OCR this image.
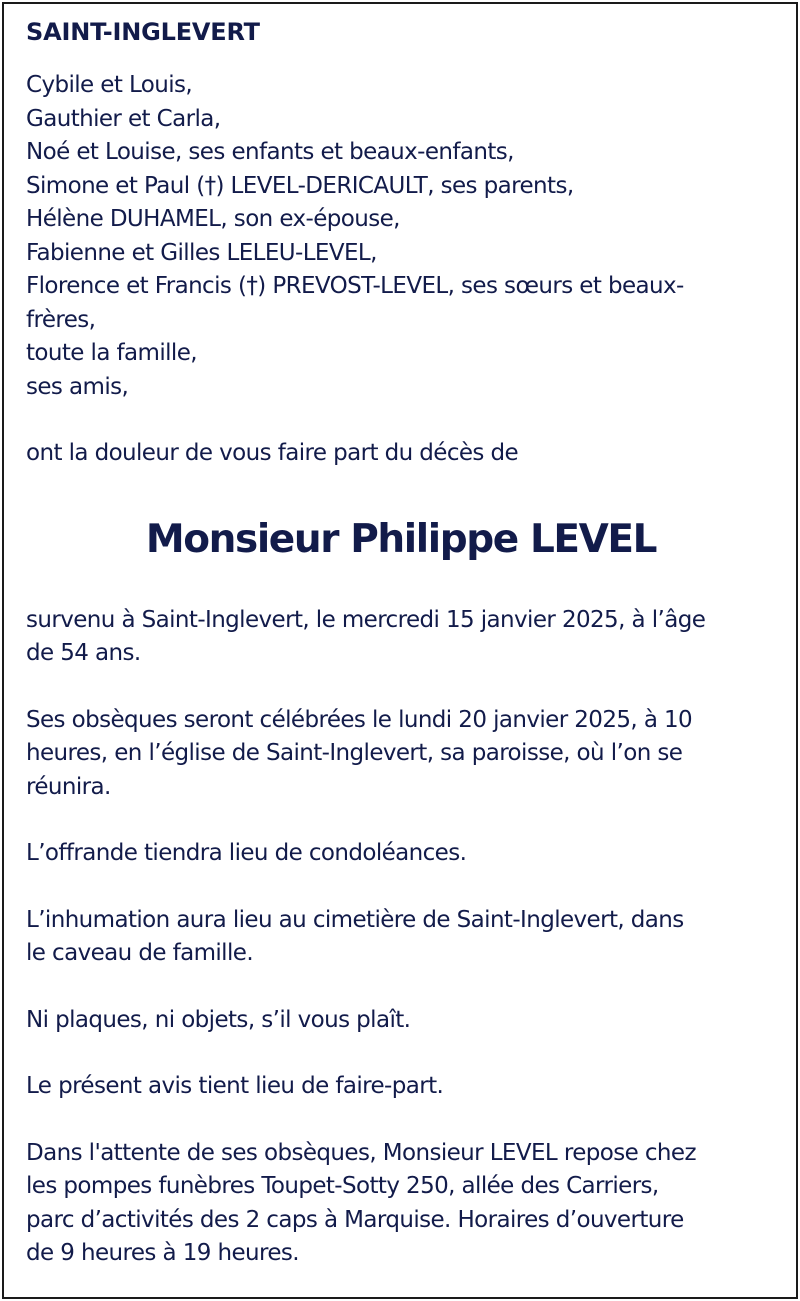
SAINT-INGLEVERT
Cybile et Louis,
Gauthier et Carla,
Noé et Louise, ses enfants et beaux-enfants,
Simone et Paul (†) LEVEL-DERICAULT, ses parents,
Hélène DUHAMEL, son ex-épouse,
Fabienne et Gilles LELEU-LEVEL,
Florence et Francis (†) PREVOST-LEVEL, ses sœurs et beaux-
frères,
toute la famille,
ses amis,
ont la douleur de vous faire part du décès de
Monsieur Philippe LEVEL
survenu à Saint-Inglevert, le mercredi 15 janvier 2025, à l’âge
de 54 ans.
Ses obsèques seront célébrées le lundi 20 janvier 2025, à 10
heures, en l’église de Saint-Inglevert, sa paroisse, où l’on se
réunira.
L’offrande tiendra lieu de condoléances.
L’inhumation aura lieu au cimetière de Saint-Inglevert, dans
le caveau de famille.
Ni plaques, ni objets, s’il vous plaît.
Le présent avis tient lieu de faire-part.
Dans l'attente de ses obsèques, Monsieur LEVEL repose chez
les pompes funèbres Toupet-Sotty 250, allée des Carriers,
parc d’activités des 2 caps à Marquise. Horaires d’ouverture
de 9 heures à 19 heures.
